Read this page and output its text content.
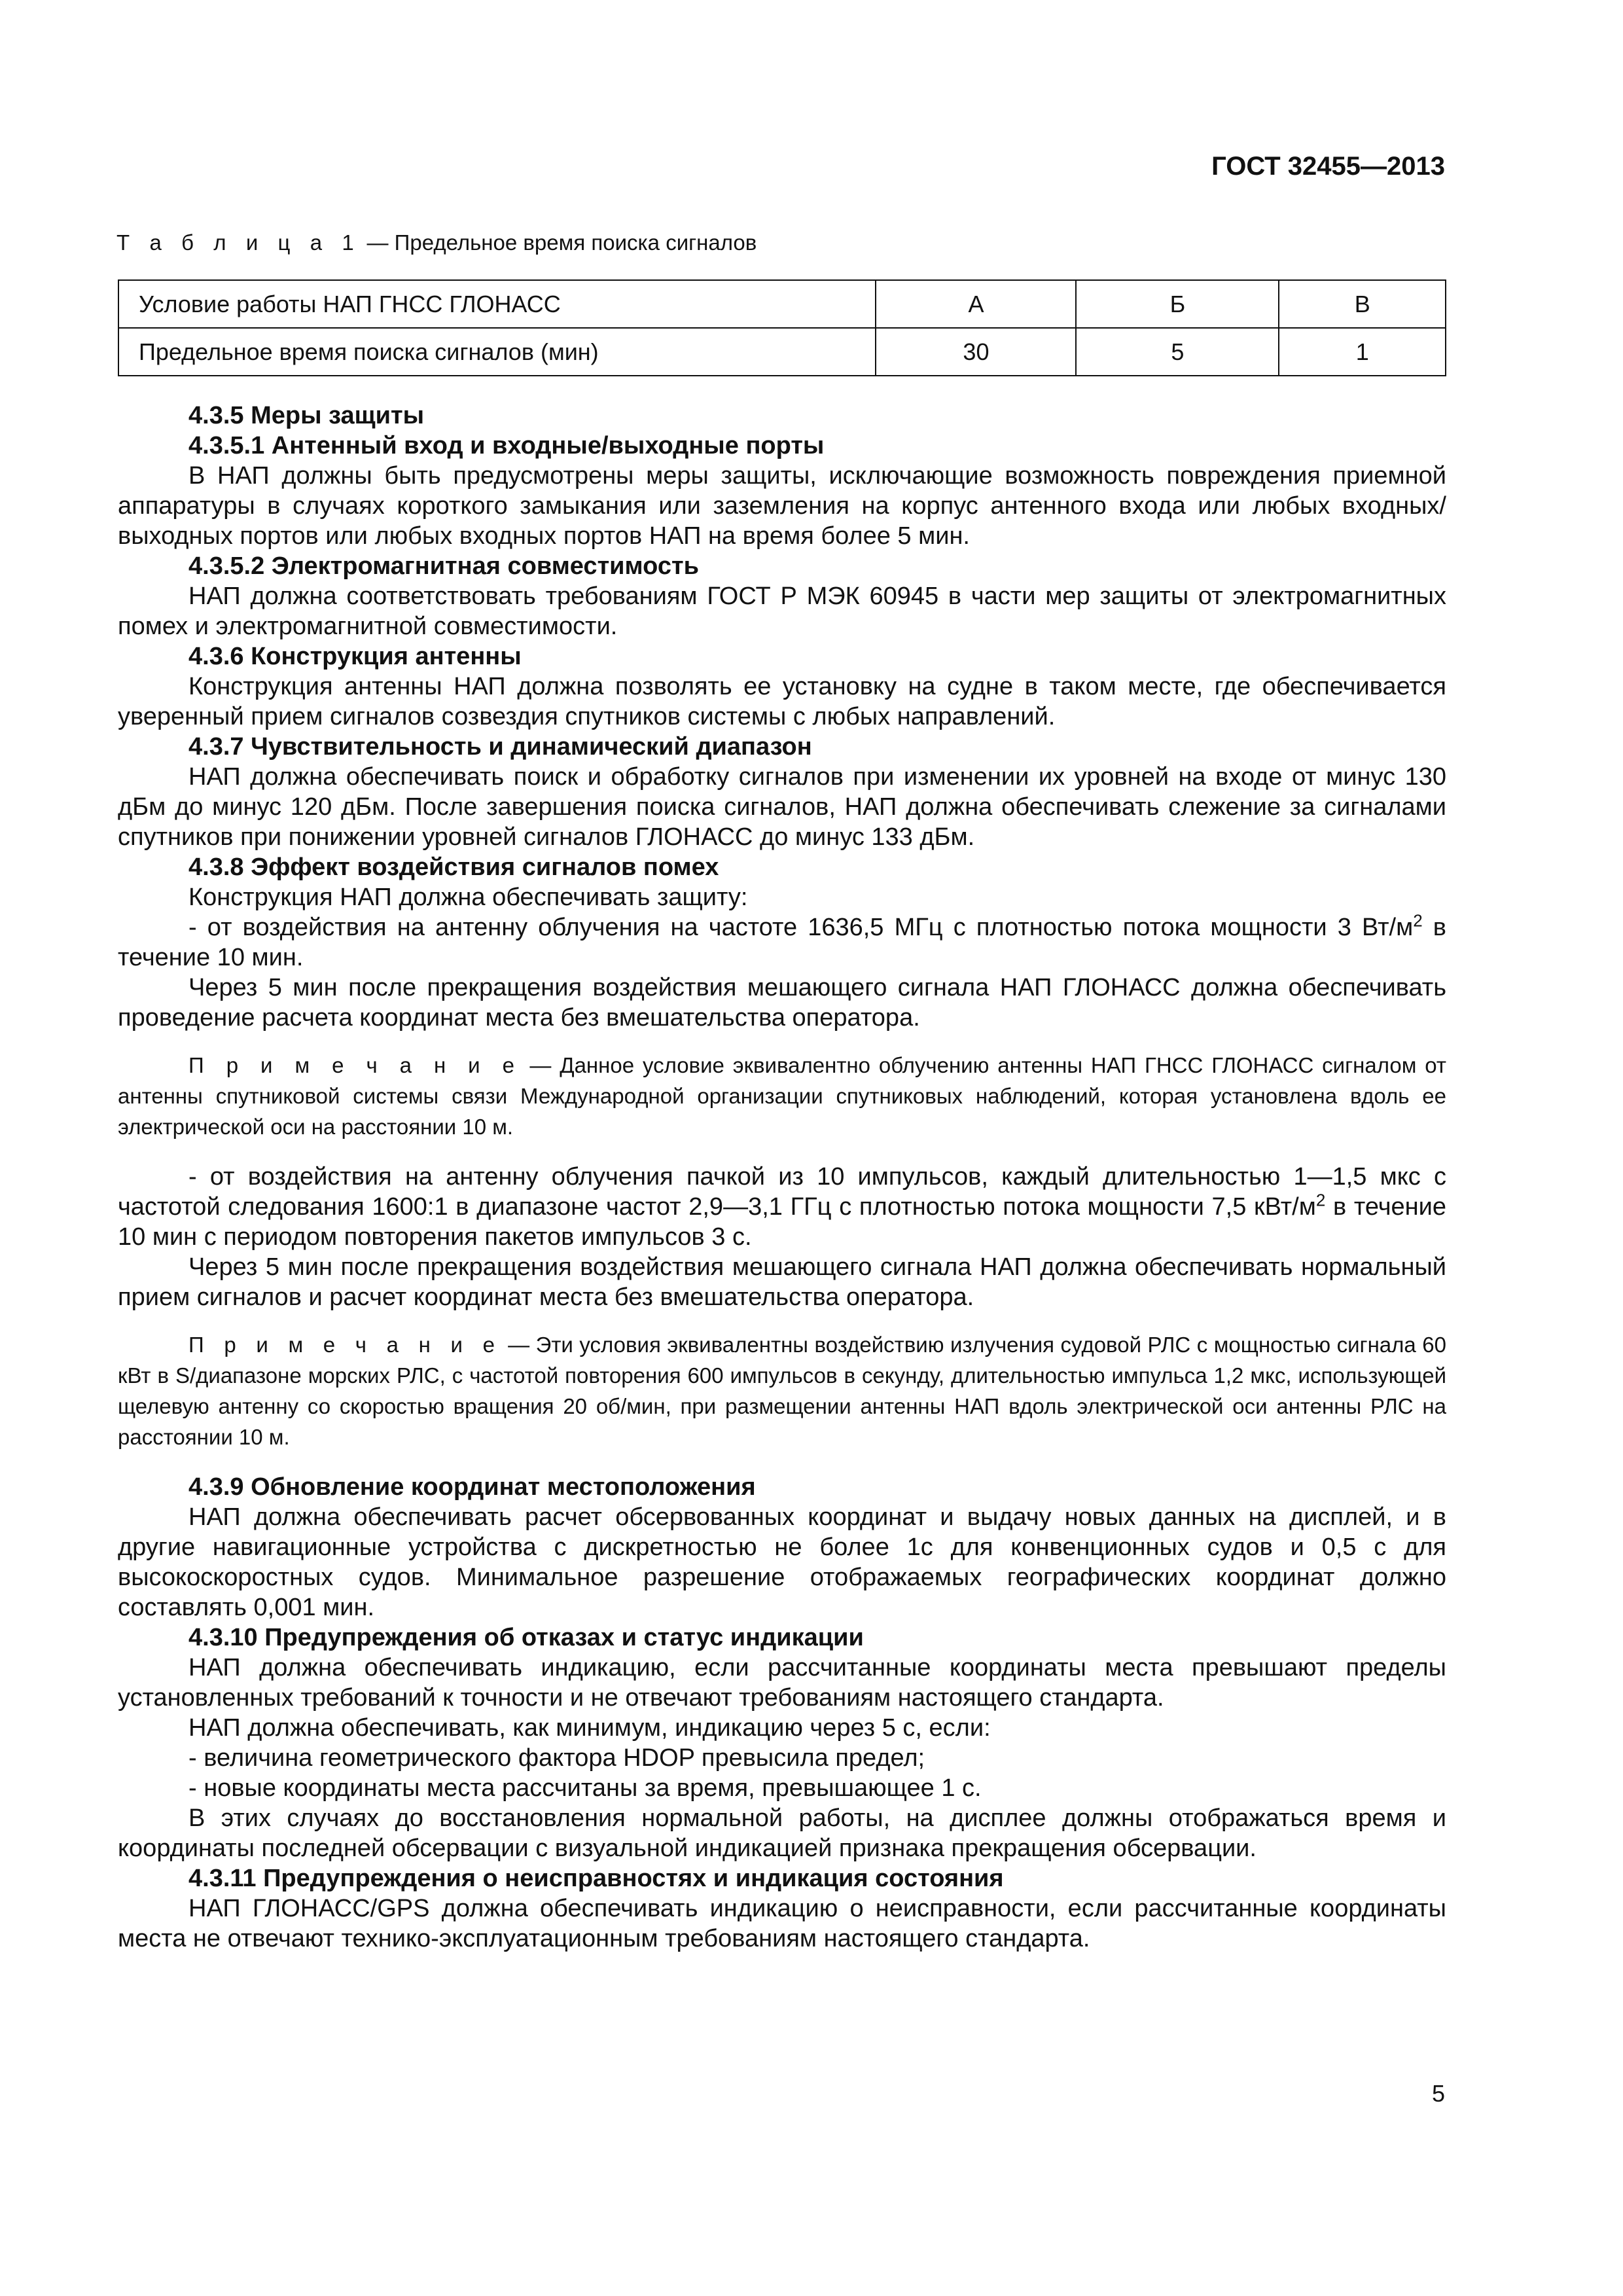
ГОСТ 32455—2013
Т а б л и ц а 1 — Предельное время поиска сигналов
Условие работы НАП ГНСС ГЛОНАСС	А	Б	В
Предельное время поиска сигналов (мин)	30	5	1

4.3.5 Меры защиты

4.3.5.1 Антенный вход и входные/выходные порты

В НАП должны быть предусмотрены меры защиты, исключающие возможность повреждения приемной аппаратуры в случаях короткого замыкания или заземления на корпус антенного входа или любых входных/выходных портов или любых входных портов НАП на время более 5 мин.

4.3.5.2 Электромагнитная совместимость

НАП должна соответствовать требованиям ГОСТ Р МЭК 60945 в части мер защиты от электромагнитных помех и электромагнитной совместимости.

4.3.6 Конструкция антенны

Конструкция антенны НАП должна позволять ее установку на судне в таком месте, где обеспечивается уверенный прием сигналов созвездия спутников системы с любых направлений.

4.3.7 Чувствительность и динамический диапазон

НАП должна обеспечивать поиск и обработку сигналов при изменении их уровней на входе от минус 130 дБм до минус 120 дБм. После завершения поиска сигналов, НАП должна обеспечивать слежение за сигналами спутников при понижении уровней сигналов ГЛОНАСС до минус 133 дБм.

4.3.8 Эффект воздействия сигналов помех

Конструкция НАП должна обеспечивать защиту:

- от воздействия на антенну облучения на частоте 1636,5 МГц с плотностью потока мощности 3 $Вт/м^2$ в течение 10 мин.

Через 5 мин после прекращения воздействия мешающего сигнала НАП ГЛОНАСС должна обеспечивать проведение расчета координат места без вмешательства оператора.

П р и м е ч а н и е — Данное условие эквивалентно облучению антенны НАП ГНСС ГЛОНАСС сигналом от антенны спутниковой системы связи Международной организации спутниковых наблюдений, которая установлена вдоль ее электрической оси на расстоянии 10 м.

- от воздействия на антенну облучения пачкой из 10 импульсов, каждый длительностью 1—1,5 мкс с частотой следования 1600:1 в диапазоне частот 2,9—3,1 ГГц с плотностью потока мощности 7,5 кВт/$м^2$ в течение 10 мин с периодом повторения пакетов импульсов 3 с.

Через 5 мин после прекращения воздействия мешающего сигнала НАП должна обеспечивать нормальный прием сигналов и расчет координат места без вмешательства оператора.

П р и м е ч а н и е — Эти условия эквивалентны воздействию излучения судовой РЛС с мощностью сигнала 60 кВт в S/диапазоне морских РЛС, с частотой повторения 600 импульсов в секунду, длительностью импульса 1,2 мкс, использующей щелевую антенну со скоростью вращения 20 об/мин, при размещении антенны НАП вдоль электрической оси антенны РЛС на расстоянии 10 м.

4.3.9 Обновление координат местоположения

НАП должна обеспечивать расчет обсервованных координат и выдачу новых данных на дисплей, и в другие навигационные устройства с дискретностью не более 1с для конвенционных судов и 0,5 с для высокоскоростных судов. Минимальное разрешение отображаемых географических координат должно составлять 0,001 мин.

4.3.10 Предупреждения об отказах и статус индикации

НАП должна обеспечивать индикацию, если рассчитанные координаты места превышают пределы установленных требований к точности и не отвечают требованиям настоящего стандарта.

НАП должна обеспечивать, как минимум, индикацию через 5 с, если:

- величина геометрического фактора HDOP превысила предел;

- новые координаты места рассчитаны за время, превышающее 1 с.

В этих случаях до восстановления нормальной работы, на дисплее должны отображаться время и координаты последней обсервации с визуальной индикацией признака прекращения обсервации.

4.3.11 Предупреждения о неисправностях и индикация состояния

НАП ГЛОНАСС/GPS должна обеспечивать индикацию о неисправности, если рассчитанные координаты места не отвечают технико-эксплуатационным требованиям настоящего стандарта.

5
